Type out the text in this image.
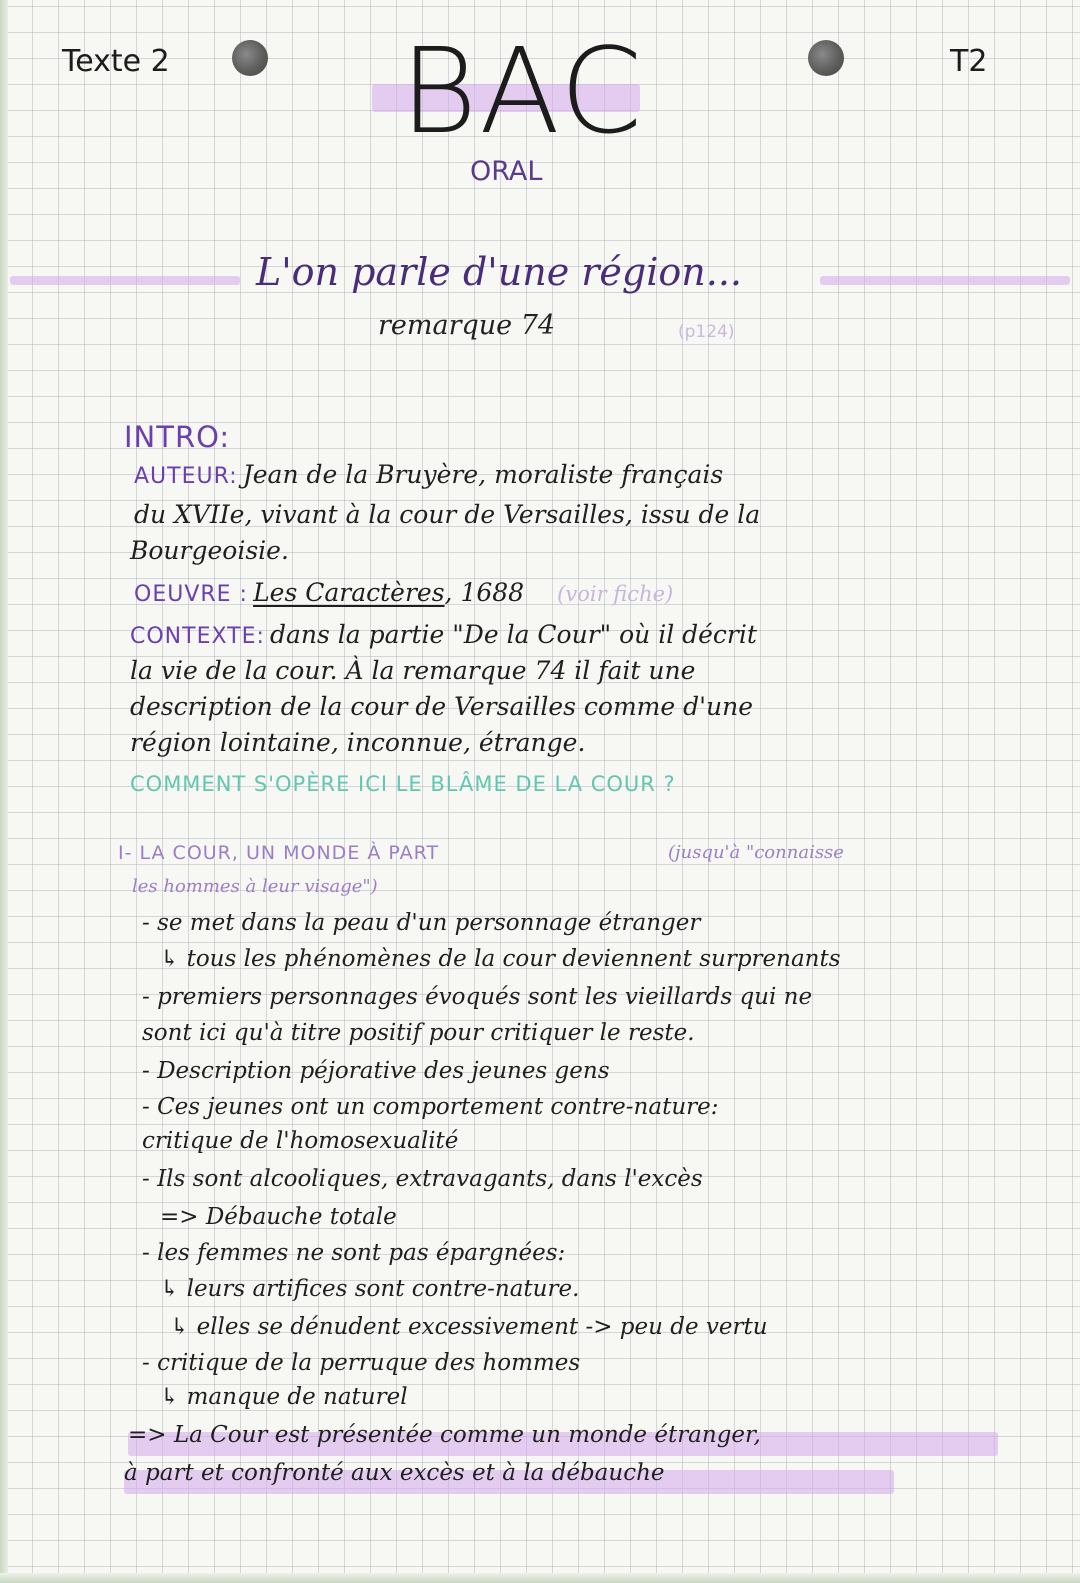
Texte 2 BAC
ORAL
T2
L'on parle d'une région...
remarque 74	(p124)
INTRO:
AUTEUR: Jean de la Bruyère, moraliste français
du XVIIe, vivant à la cour de Versailles, issu de la
Bourgeoisie.
OEUVRE : Les Caractères, 1688 (voir fiche)
CONTEXTE: dans la partie "De la Cour" où il décrit
la vie de la cour. À la remarque 74 il fait une
description de la cour de Versailles comme d'une
région lointaine, inconnue, étrange.
COMMENT S'OPÈRE ICI LE BLÂME DE LA COUR ?
I- LA COUR, UN MONDE À PART	(jusqu'à "connaisse
les hommes à leur visage")
- se met dans la peau d'un personnage étranger
↳ tous les phénomènes de la cour deviennent surprenants
- premiers personnages évoqués sont les vieillards qui ne
sont ici qu'à titre positif pour critiquer le reste.
- Description péjorative des jeunes gens
- Ces jeunes ont un comportement contre-nature:
critique de l'homosexualité
- Ils sont alcooliques, extravagants, dans l'excès
=> Débauche totale
- les femmes ne sont pas épargnées:
↳ leurs artifices sont contre-nature.
↳ elles se dénudent excessivement -> peu de vertu
- critique de la perruque des hommes
↳ manque de naturel
=> La Cour est présentée comme un monde étranger,
à part et confronté aux excès et à la débauche
